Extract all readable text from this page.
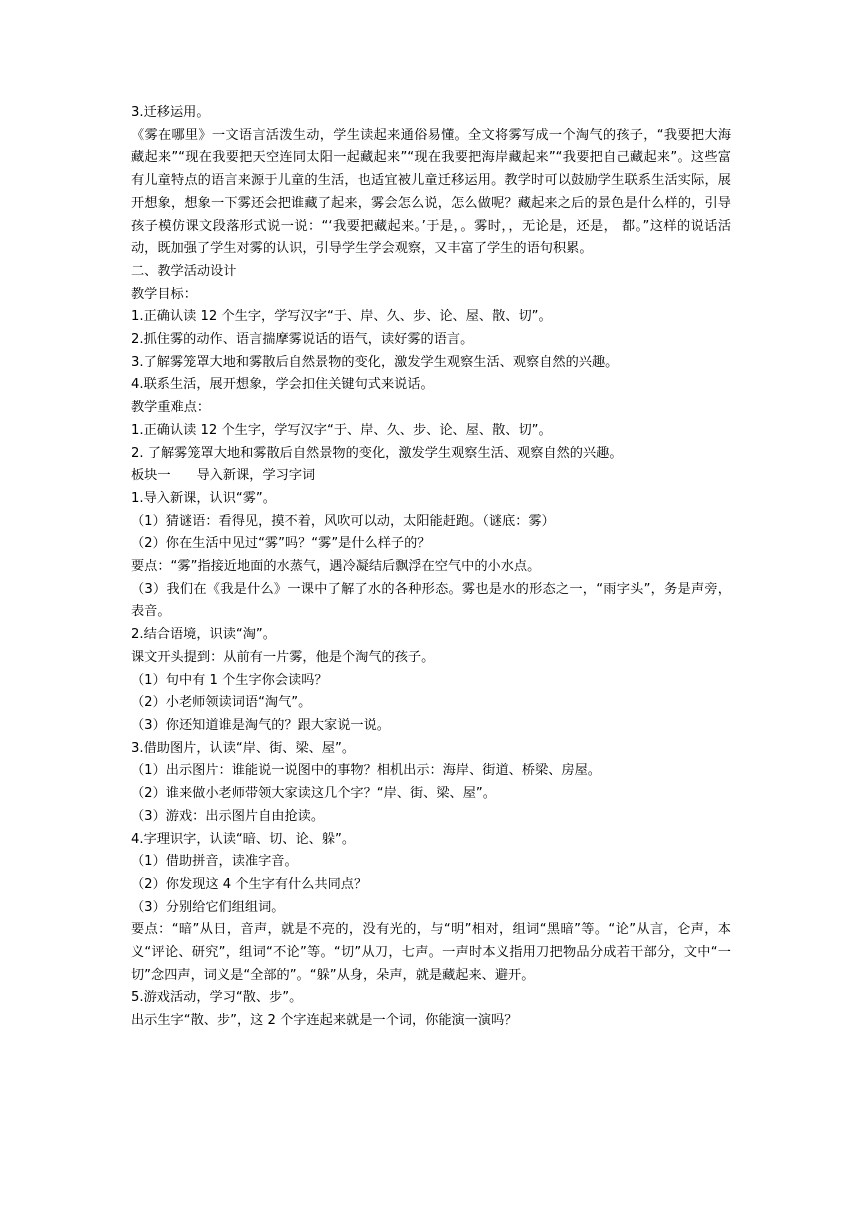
3.迁移运用。
《雾在哪里》一文语言活泼生动，学生读起来通俗易懂。全文将雾写成一个淘气的孩子，“我要把大海藏起来”“现在我要把天空连同太阳一起藏起来”“现在我要把海岸藏起来”“我要把自己藏起来”。这些富有儿童特点的语言来源于儿童的生活，也适宜被儿童迁移运用。教学时可以鼓励学生联系生活实际，展开想象，想象一下雾还会把谁藏了起来，雾会怎么说，怎么做呢？藏起来之后的景色是什么样的，引导孩子模仿课文段落形式说一说：“‘我要把藏起来。’于是，。雾时，，无论是，还是， 都。”这样的说话活动，既加强了学生对雾的认识，引导学生学会观察，又丰富了学生的语句积累。
二、教学活动设计
教学目标：
1.正确认读 12 个生字，学写汉字“于、岸、久、步、论、屋、散、切”。
2.抓住雾的动作、语言揣摩雾说话的语气，读好雾的语言。
3.了解雾笼罩大地和雾散后自然景物的变化，激发学生观察生活、观察自然的兴趣。
4.联系生活，展开想象，学会扣住关键句式来说话。
教学重难点：
1.正确认读 12 个生字，学写汉字“于、岸、久、步、论、屋、散、切”。
2. 了解雾笼罩大地和雾散后自然景物的变化，激发学生观察生活、观察自然的兴趣。
板块一 导入新课，学习字词
1.导入新课，认识“雾”。
（1）猜谜语：看得见，摸不着，风吹可以动，太阳能赶跑。（谜底：雾）
（2）你在生活中见过“雾”吗？“雾”是什么样子的？
要点：“雾”指接近地面的水蒸气，遇冷凝结后飘浮在空气中的小水点。
（3）我们在《我是什么》一课中了解了水的各种形态。雾也是水的形态之一，“雨字头”，务是声旁，表音。
2.结合语境，识读“淘”。
课文开头提到：从前有一片雾，他是个淘气的孩子。
（1）句中有 1 个生字你会读吗？
（2）小老师领读词语“淘气”。
（3）你还知道谁是淘气的？跟大家说一说。
3.借助图片，认读“岸、街、梁、屋”。
（1）出示图片：谁能说一说图中的事物？相机出示：海岸、街道、桥梁、房屋。
（2）谁来做小老师带领大家读这几个字？“岸、街、梁、屋”。
（3）游戏：出示图片自由抢读。
4.字理识字，认读“暗、切、论、躲”。
（1）借助拼音，读准字音。
（2）你发现这 4 个生字有什么共同点？
（3）分别给它们组组词。
要点：“暗”从日，音声，就是不亮的，没有光的，与“明”相对，组词“黑暗”等。“论”从言，仑声，本义“评论、研究”，组词“不论”等。“切”从刀，七声。一声时本义指用刀把物品分成若干部分，文中“一切”念四声，词义是“全部的”。“躲”从身，朵声，就是藏起来、避开。
5.游戏活动，学习“散、步”。
出示生字“散、步”，这 2 个字连起来就是一个词，你能演一演吗？
